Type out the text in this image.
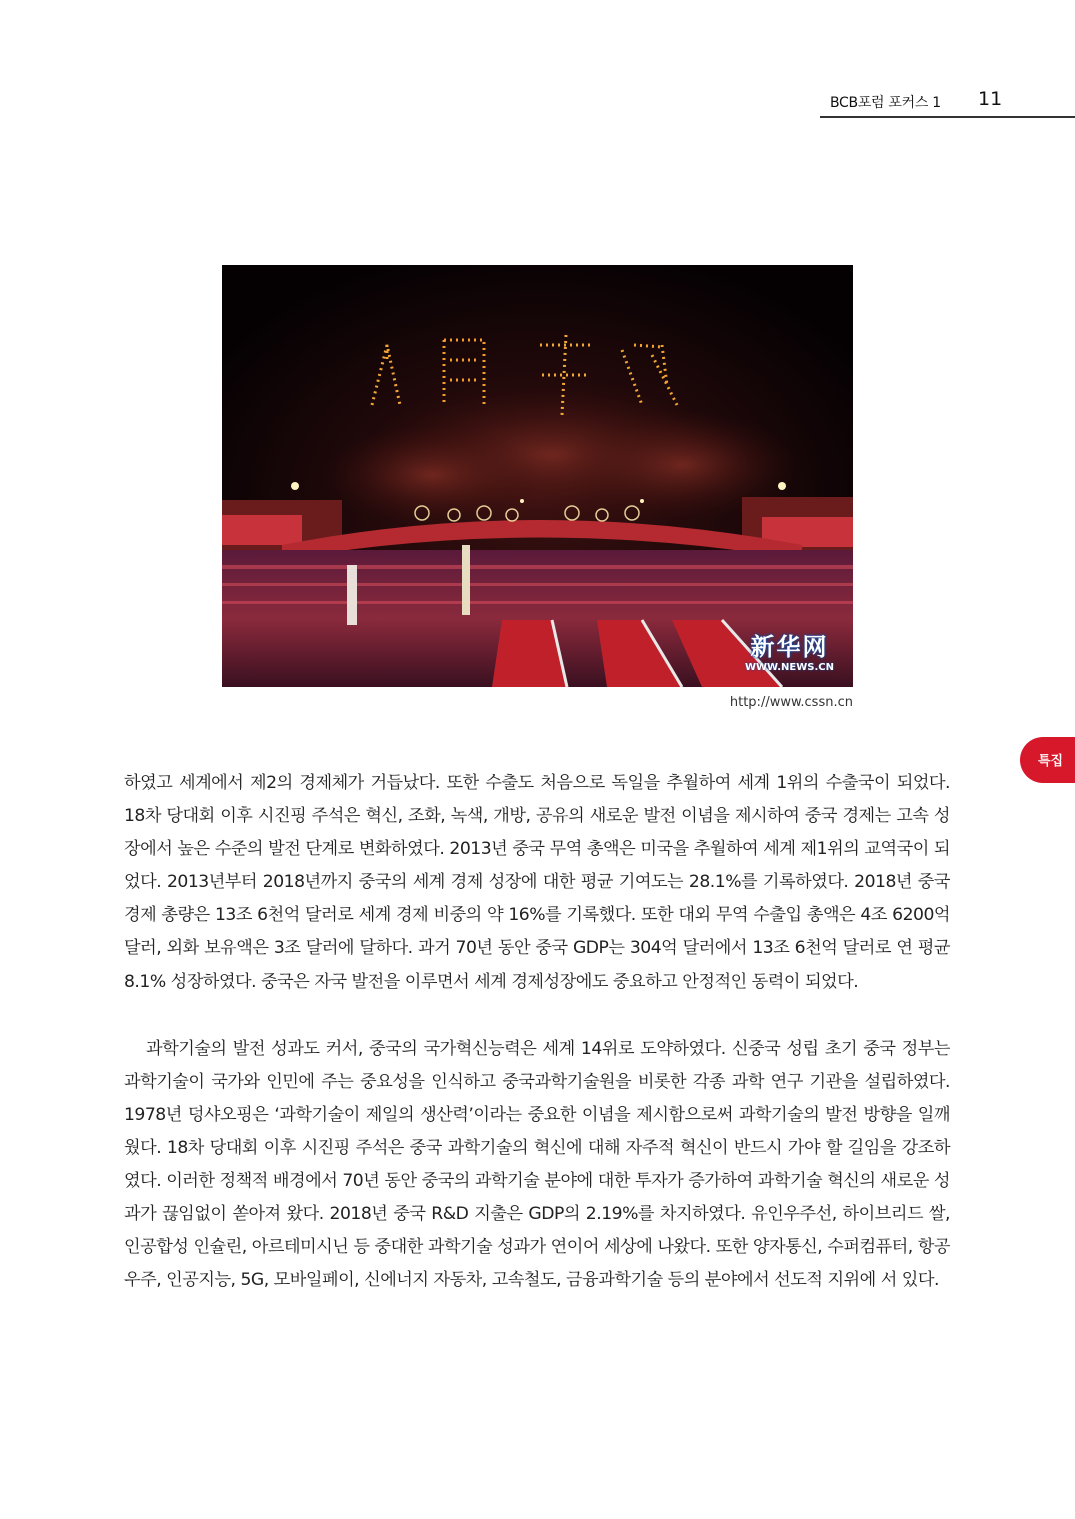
BCB포럼 포커스 1 11
특집
新华网
WWW.NEWS.CN
http://www.cssn.cn

하였고 세계에서 제2의 경제체가 거듭났다. 또한 수출도 처음으로 독일을 추월하여 세계 1위의 수출국이 되었다. 18차 당대회 이후 시진핑 주석은 혁신, 조화, 녹색, 개방, 공유의 새로운 발전 이념을 제시하여 중국 경제는 고속 성장에서 높은 수준의 발전 단계로 변화하였다. 2013년 중국 무역 총액은 미국을 추월하여 세계 제1위의 교역국이 되었다. 2013년부터 2018년까지 중국의 세계 경제 성장에 대한 평균 기여도는 28.1%를 기록하였다. 2018년 중국 경제 총량은 13조 6천억 달러로 세계 경제 비중의 약 16%를 기록했다. 또한 대외 무역 수출입 총액은 4조 6200억 달러, 외화 보유액은 3조 달러에 달하다. 과거 70년 동안 중국 GDP는 304억 달러에서 13조 6천억 달러로 연 평균 8.1% 성장하였다. 중국은 자국 발전을 이루면서 세계 경제성장에도 중요하고 안정적인 동력이 되었다.

과학기술의 발전 성과도 커서, 중국의 국가혁신능력은 세계 14위로 도약하였다. 신중국 성립 초기 중국 정부는 과학기술이 국가와 인민에 주는 중요성을 인식하고 중국과학기술원을 비롯한 각종 과학 연구 기관을 설립하였다. 1978년 덩샤오핑은 ‘과학기술이 제일의 생산력’이라는 중요한 이념을 제시함으로써 과학기술의 발전 방향을 일깨웠다. 18차 당대회 이후 시진핑 주석은 중국 과학기술의 혁신에 대해 자주적 혁신이 반드시 가야 할 길임을 강조하였다. 이러한 정책적 배경에서 70년 동안 중국의 과학기술 분야에 대한 투자가 증가하여 과학기술 혁신의 새로운 성과가 끊임없이 쏟아져 왔다. 2018년 중국 R&D 지출은 GDP의 2.19%를 차지하였다. 유인우주선, 하이브리드 쌀, 인공합성 인슐린, 아르테미시닌 등 중대한 과학기술 성과가 연이어 세상에 나왔다. 또한 양자통신, 수퍼컴퓨터, 항공우주, 인공지능, 5G, 모바일페이, 신에너지 자동차, 고속철도, 금융과학기술 등의 분야에서 선도적 지위에 서 있다.
